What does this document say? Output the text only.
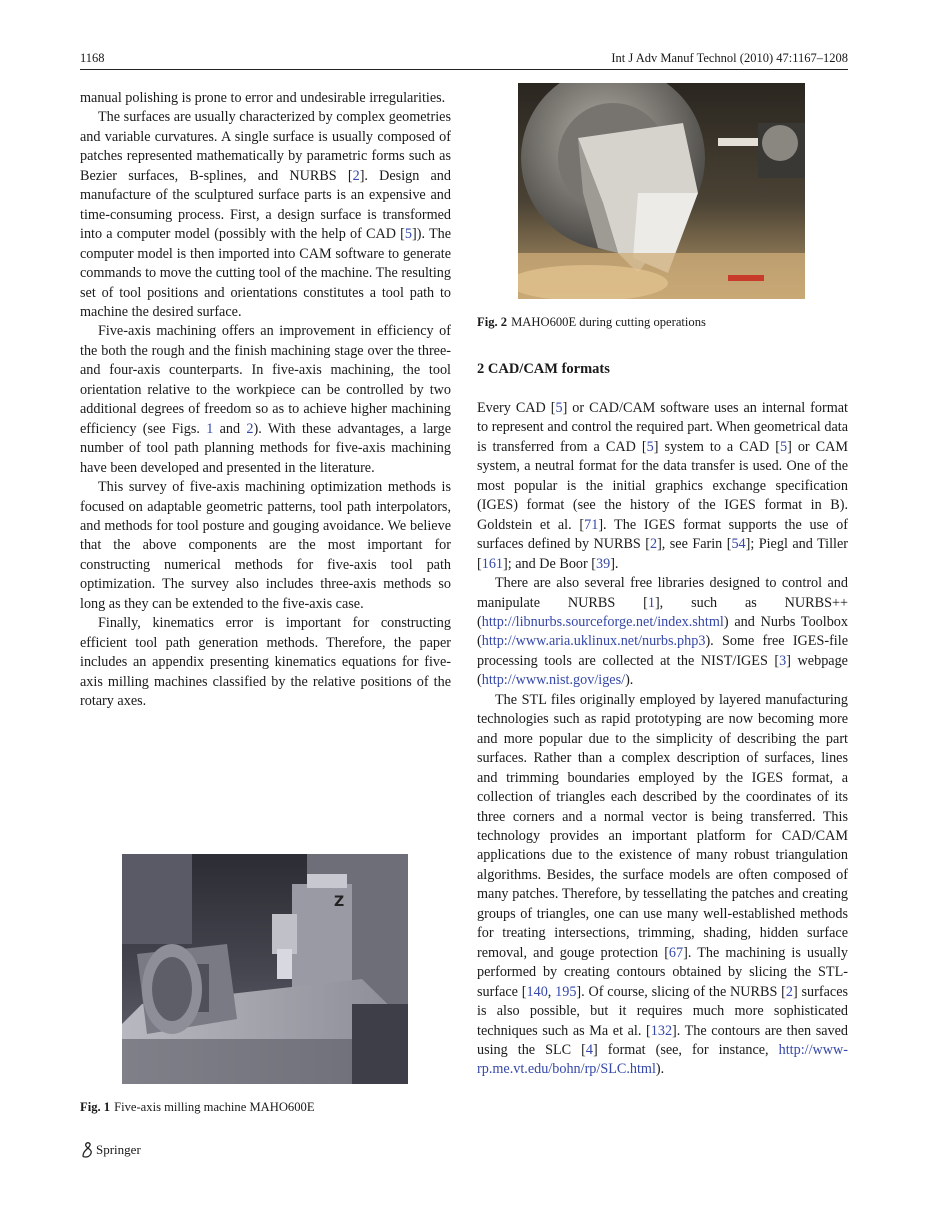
1168	Int J Adv Manuf Technol (2010) 47:1167–1208

manual polishing is prone to error and undesirable irregularities.

The surfaces are usually characterized by complex geometries and variable curvatures. A single surface is usually composed of patches represented mathematically by parametric forms such as Bezier surfaces, B-splines, and NURBS [2]. Design and manufacture of the sculptured surface parts is an expensive and time-consuming process. First, a design surface is transformed into a computer model (possibly with the help of CAD [5]). The computer model is then imported into CAM software to generate commands to move the cutting tool of the machine. The resulting set of tool positions and orientations constitutes a tool path to machine the desired surface.

Five-axis machining offers an improvement in efficiency of the both the rough and the finish machining stage over the three- and four-axis counterparts. In five-axis machining, the tool orientation relative to the workpiece can be controlled by two additional degrees of freedom so as to achieve higher machining efficiency (see Figs. 1 and 2). With these advantages, a large number of tool path planning methods for five-axis machining have been developed and presented in the literature.

This survey of five-axis machining optimization methods is focused on adaptable geometric patterns, tool path interpolators, and methods for tool posture and gouging avoidance. We believe that the above components are the most important for constructing numerical methods for five-axis tool path optimization. The survey also includes three-axis methods so long as they can be extended to the five-axis case.

Finally, kinematics error is important for constructing efficient tool path generation methods. Therefore, the paper includes an appendix presenting kinematics equations for five-axis milling machines classified by the relative positions of the rotary axes.

Z
Fig. 1 Five-axis milling machine MAHO600E
Fig. 2 MAHO600E during cutting operations
2 CAD/CAM formats

Every CAD [5] or CAD/CAM software uses an internal format to represent and control the required part. When geometrical data is transferred from a CAD [5] system to a CAD [5] or CAM system, a neutral format for the data transfer is used. One of the most popular is the initial graphics exchange specification (IGES) format (see the history of the IGES format in B). Goldstein et al. [71]. The IGES format supports the use of surfaces defined by NURBS [2], see Farin [54]; Piegl and Tiller [161]; and De Boor [39].

There are also several free libraries designed to control and manipulate NURBS [1], such as NURBS++ (http://libnurbs.sourceforge.net/index.shtml) and Nurbs Toolbox (http://www.aria.uklinux.net/nurbs.php3). Some free IGES-file processing tools are collected at the NIST/IGES [3] webpage (http://www.nist.gov/iges/).

The STL files originally employed by layered manufacturing technologies such as rapid prototyping are now becoming more and more popular due to the simplicity of describing the part surfaces. Rather than a complex description of surfaces, lines and trimming boundaries employed by the IGES format, a collection of triangles each described by the coordinates of its three corners and a normal vector is being transferred. This technology provides an important platform for CAD/CAM applications due to the existence of many robust triangulation algorithms. Besides, the surface models are often composed of many patches. Therefore, by tessellating the patches and creating groups of triangles, one can use many well-established methods for treating intersections, trimming, shading, hidden surface removal, and gouge protection [67]. The machining is usually performed by creating contours obtained by slicing the STL-surface [140, 195]. Of course, slicing of the NURBS [2] surfaces is also possible, but it requires much more sophisticated techniques such as Ma et al. [132]. The contours are then saved using the SLC [4] format (see, for instance, http://www-rp.me.vt.edu/bohn/rp/SLC.html).

Springer
